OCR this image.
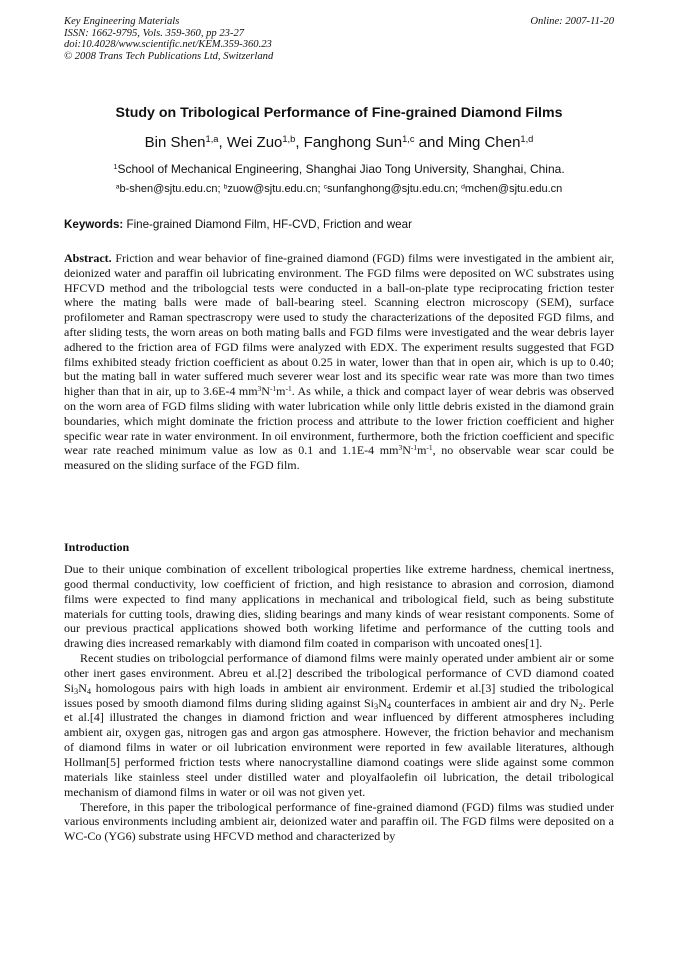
Key Engineering Materials
ISSN: 1662-9795, Vols. 359-360, pp 23-27
doi:10.4028/www.scientific.net/KEM.359-360.23
© 2008 Trans Tech Publications Ltd, Switzerland
Online: 2007-11-20
Study on Tribological Performance of Fine-grained Diamond Films
Bin Shen$^{1,a}$, Wei Zuo$^{1,b}$, Fanghong Sun$^{1,c}$ and Ming Chen$^{1,d}$
$^1$School of Mechanical Engineering, Shanghai Jiao Tong University, Shanghai, China.
$^a$b-shen@sjtu.edu.cn; $^b$zuow@sjtu.edu.cn; $^c$sunfanghong@sjtu.edu.cn; $^d$mchen@sjtu.edu.cn
Keywords: Fine-grained Diamond Film, HF-CVD, Friction and wear

Abstract. Friction and wear behavior of fine-grained diamond (FGD) films were investigated in the ambient air, deionized water and paraffin oil lubricating environment. The FGD films were deposited on WC substrates using HFCVD method and the tribologcial tests were conducted in a ball-on-plate type reciprocating friction tester where the mating balls were made of ball-bearing steel. Scanning electron microscopy (SEM), surface profilometer and Raman spectrascropy were used to study the characterizations of the deposited FGD films, and after sliding tests, the worn areas on both mating balls and FGD films were investigated and the wear debris layer adhered to the friction area of FGD films were analyzed with EDX. The experiment results suggested that FGD films exhibited steady friction coefficient as about 0.25 in water, lower than that in open air, which is up to 0.40; but the mating ball in water suffered much severer wear lost and its specific wear rate was more than two times higher than that in air, up to 3.6E-4 $mm^3N^{-1}m^{-1}$. As while, a thick and compact layer of wear debris was observed on the worn area of FGD films sliding with water lubrication while only little debris existed in the diamond grain boundaries, which might dominate the friction process and attribute to the lower friction coefficient and higher specific wear rate in water environment. In oil environment, furthermore, both the friction coefficient and specific wear rate reached minimum value as low as 0.1 and 1.1E-4 $mm^3N^{-1}m^{-1}$, no observable wear scar could be measured on the sliding surface of the FGD film.

Introduction

Due to their unique combination of excellent tribological properties like extreme hardness, chemical inertness, good thermal conductivity, low coefficient of friction, and high resistance to abrasion and corrosion, diamond films were expected to find many applications in mechanical and tribological field, such as being substitute materials for cutting tools, drawing dies, sliding bearings and many kinds of wear resistant components. Some of our previous practical applications showed both working lifetime and performance of the cutting tools and drawing dies increased remarkably with diamond film coated in comparison with uncoated ones[1].

Recent studies on tribologcial performance of diamond films were mainly operated under ambient air or some other inert gases environment. Abreu et al.[2] described the tribological performance of CVD diamond coated $Si_3N_4$ homologous pairs with high loads in ambient air environment. Erdemir et al.[3] studied the tribological issues posed by smooth diamond films during sliding against $Si_3N_4$ counterfaces in ambient air and dry $N_2$. Perle et al.[4] illustrated the changes in diamond friction and wear influenced by different atmospheres including ambient air, oxygen gas, nitrogen gas and argon gas atmosphere. However, the friction behavior and mechanism of diamond films in water or oil lubrication environment were reported in few available literatures, although Hollman[5] performed friction tests where nanocrystalline diamond coatings were slide against some common materials like stainless steel under distilled water and ployalfaolefin oil lubrication, the detail tribological mechanism of diamond films in water or oil was not given yet.

Therefore, in this paper the tribological performance of fine-grained diamond (FGD) films was studied under various environments including ambient air, deionized water and paraffin oil. The FGD films were deposited on a WC-Co (YG6) substrate using HFCVD method and characterized by
